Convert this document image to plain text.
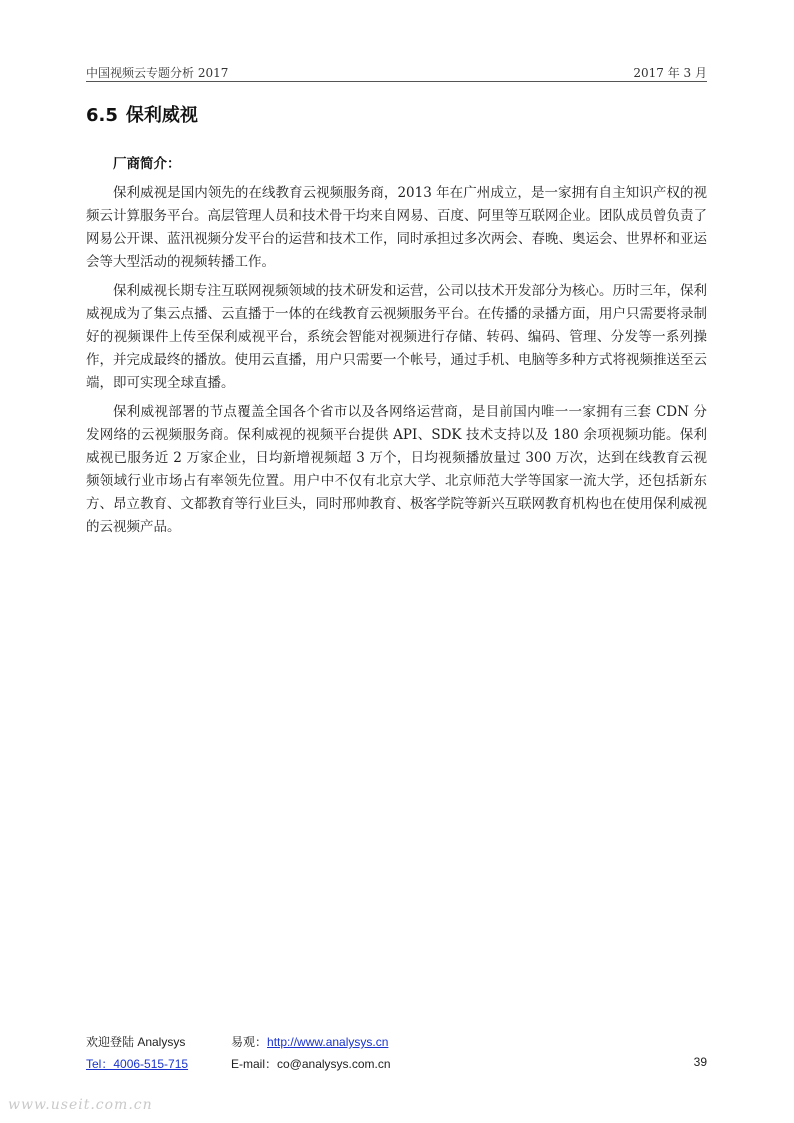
中国视频云专题分析 2017	2017 年 3 月
6.5 保利威视
厂商简介：

保利威视是国内领先的在线教育云视频服务商，2013 年在广州成立，是一家拥有自主知识产权的视频云计算服务平台。高层管理人员和技术骨干均来自网易、百度、阿里等互联网企业。团队成员曾负责了网易公开课、蓝汛视频分发平台的运营和技术工作，同时承担过多次两会、春晚、奥运会、世界杯和亚运会等大型活动的视频转播工作。

保利威视长期专注互联网视频领域的技术研发和运营，公司以技术开发部分为核心。历时三年，保利威视成为了集云点播、云直播于一体的在线教育云视频服务平台。在传播的录播方面，用户只需要将录制好的视频课件上传至保利威视平台，系统会智能对视频进行存储、转码、编码、管理、分发等一系列操作，并完成最终的播放。使用云直播，用户只需要一个帐号，通过手机、电脑等多种方式将视频推送至云端，即可实现全球直播。

保利威视部署的节点覆盖全国各个省市以及各网络运营商，是目前国内唯一一家拥有三套 CDN 分发网络的云视频服务商。保利威视的视频平台提供 API、SDK 技术支持以及 180 余项视频功能。保利威视已服务近 2 万家企业，日均新增视频超 3 万个，日均视频播放量过 300 万次，达到在线教育云视频领域行业市场占有率领先位置。用户中不仅有北京大学、北京师范大学等国家一流大学，还包括新东方、昂立教育、文都教育等行业巨头，同时邢帅教育、极客学院等新兴互联网教育机构也在使用保利威视的云视频产品。

欢迎登陆 Analysys	易观：http://www.analysys.cn
Tel：4006-515-715	E-mail：co@analysys.com.cn	39
www.useit.com.cn
